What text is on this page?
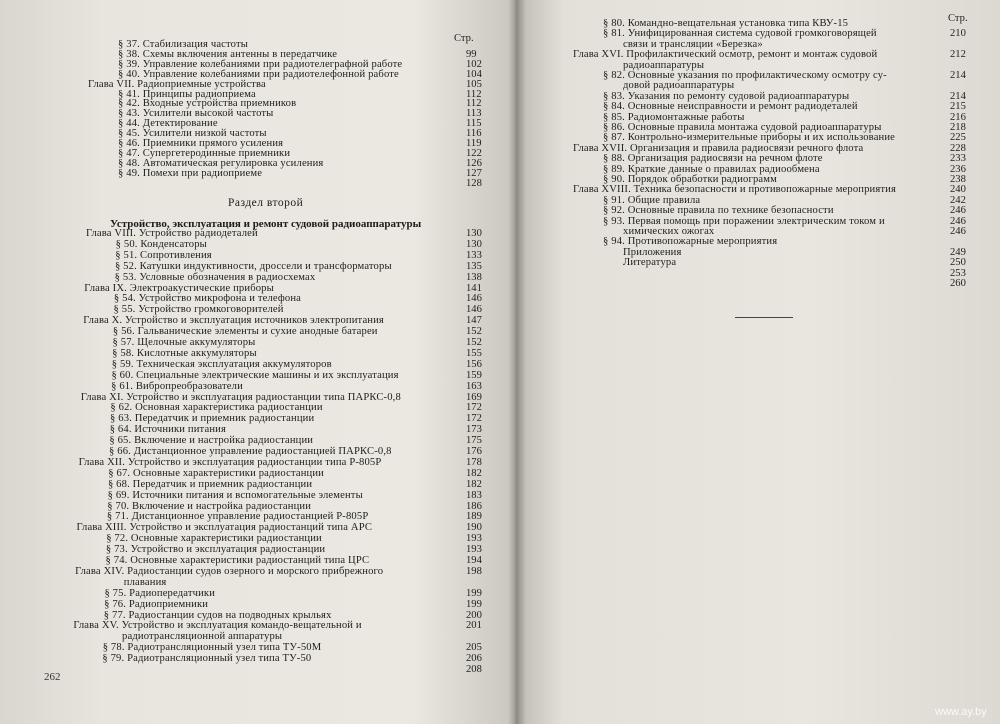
Стр.
§ 37. Стабилизация частоты
§ 38. Схемы включения антенны в передатчике	99
§ 39. Управление колебаниями при радиотелеграфной работе	102
§ 40. Управление колебаниями при радиотелефонной работе	104
Глава VII. Радиоприемные устройства	105
§ 41. Принципы радиоприема	112
§ 42. Входные устройства приемников	112
§ 43. Усилители высокой частоты	113
§ 44. Детектирование	115
§ 45. Усилители низкой частоты	116
§ 46. Приемники прямого усиления	119
§ 47. Супергетеродинные приемники	122
§ 48. Автоматическая регулировка усиления	126
§ 49. Помехи при радиоприеме	127
128
Раздел второй
Устройство, эксплуатация и ремонт судовой радиоаппаратуры
Глава VIII. Устройство радиодеталей	130
§ 50. Конденсаторы	130
§ 51. Сопротивления	133
§ 52. Катушки индуктивности, дроссели и трансформаторы	135
§ 53. Условные обозначения в радиосхемах	138
Глава IX. Электроакустические приборы	141
§ 54. Устройство микрофона и телефона	146
§ 55. Устройство громкоговорителей	146
Глава X. Устройство и эксплуатация источников электропитания	147
§ 56. Гальванические элементы и сухие анодные батареи	152
§ 57. Щелочные аккумуляторы	152
§ 58. Кислотные аккумуляторы	155
§ 59. Техническая эксплуатация аккумуляторов	156
§ 60. Специальные электрические машины и их эксплуатация	159
§ 61. Вибропреобразователи	163
Глава XI. Устройство и эксплуатация радиостанции типа ПАРКС-0,8	169
§ 62. Основная характеристика радиостанции	172
§ 63. Передатчик и приемник радиостанции	172
§ 64. Источники питания	173
§ 65. Включение и настройка радиостанции	175
§ 66. Дистанционное управление радиостанцией ПАРКС-0,8	176
Глава XII. Устройство и эксплуатация радиостанции типа Р-805Р	178
§ 67. Основные характеристики радиостанции	182
§ 68. Передатчик и приемник радиостанции	182
§ 69. Источники питания и вспомогательные элементы	183
§ 70. Включение и настройка радиостанции	186
§ 71. Дистанционное управление радиостанцией Р-805Р	189
Глава XIII. Устройство и эксплуатация радиостанций типа АРС	190
§ 72. Основные характеристики радиостанции	193
§ 73. Устройство и эксплуатация радиостанции	193
§ 74. Основные характеристики радиостанций типа ЦРС	194
Глава XIV. Радиостанции судов озерного и морского прибрежного	198
плавания
§ 75. Радиопередатчики	199
§ 76. Радиоприемники	199
§ 77. Радиостанции судов на подводных крыльях	200
Глава XV. Устройство и эксплуатация командо-вещательной и	201
радиотрансляционной аппаратуры
§ 78. Радиотрансляционный узел типа ТУ-50М	205
§ 79. Радиотрансляционный узел типа ТУ-50	206
208
262
Стр.
§ 80. Командно-вещательная установка типа КВУ-15
§ 81. Унифицированная система судовой громкоговорящей	210
связи и трансляции «Березка»
Глава XVI. Профилактический осмотр, ремонт и монтаж судовой	212
радиоаппаратуры
§ 82. Основные указания по профилактическому осмотру су-	214
довой радиоаппаратуры
§ 83. Указания по ремонту судовой радиоаппаратуры	214
§ 84. Основные неисправности и ремонт радиодеталей	215
§ 85. Радиомонтажные работы	216
§ 86. Основные правила монтажа судовой радиоаппаратуры	218
§ 87. Контрольно-измерительные приборы и их использование	225
Глава XVII. Организация и правила радиосвязи речного флота	228
§ 88. Организация радиосвязи на речном флоте	233
§ 89. Краткие данные о правилах радиообмена	236
§ 90. Порядок обработки радиограмм	238
Глава XVIII. Техника безопасности и противопожарные мероприятия	240
§ 91. Общие правила	242
§ 92. Основные правила по технике безопасности	246
§ 93. Первая помощь при поражении электрическим током и	246
химических ожогах	246
§ 94. Противопожарные мероприятия
Приложения	249
Литература	250
253
260
www.ay.by
